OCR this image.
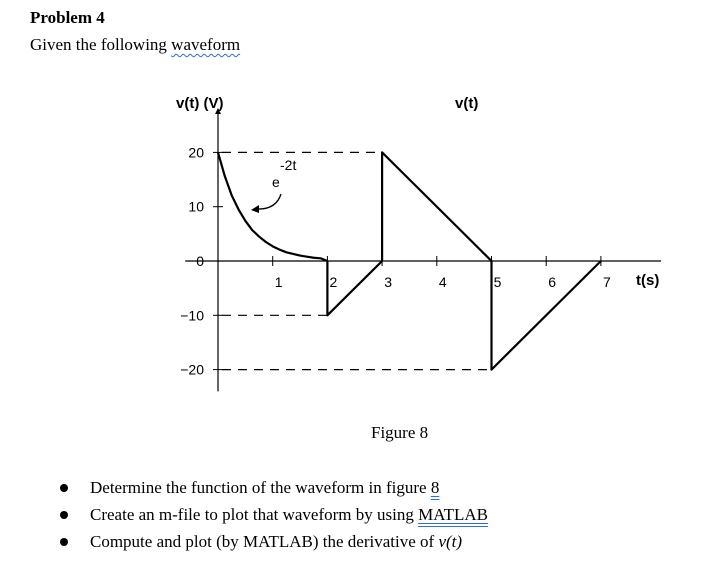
Problem 4
Given the following waveform
20
10
0
−10
−20
1	2	3	4	5	6	7
v(t) (V)	v(t)
t(s)
e
-2t
Figure 8
Determine the function of the waveform in figure 8
Create an m-file to plot that waveform by using MATLAB
Compute and plot (by MATLAB) the derivative of v(t)
